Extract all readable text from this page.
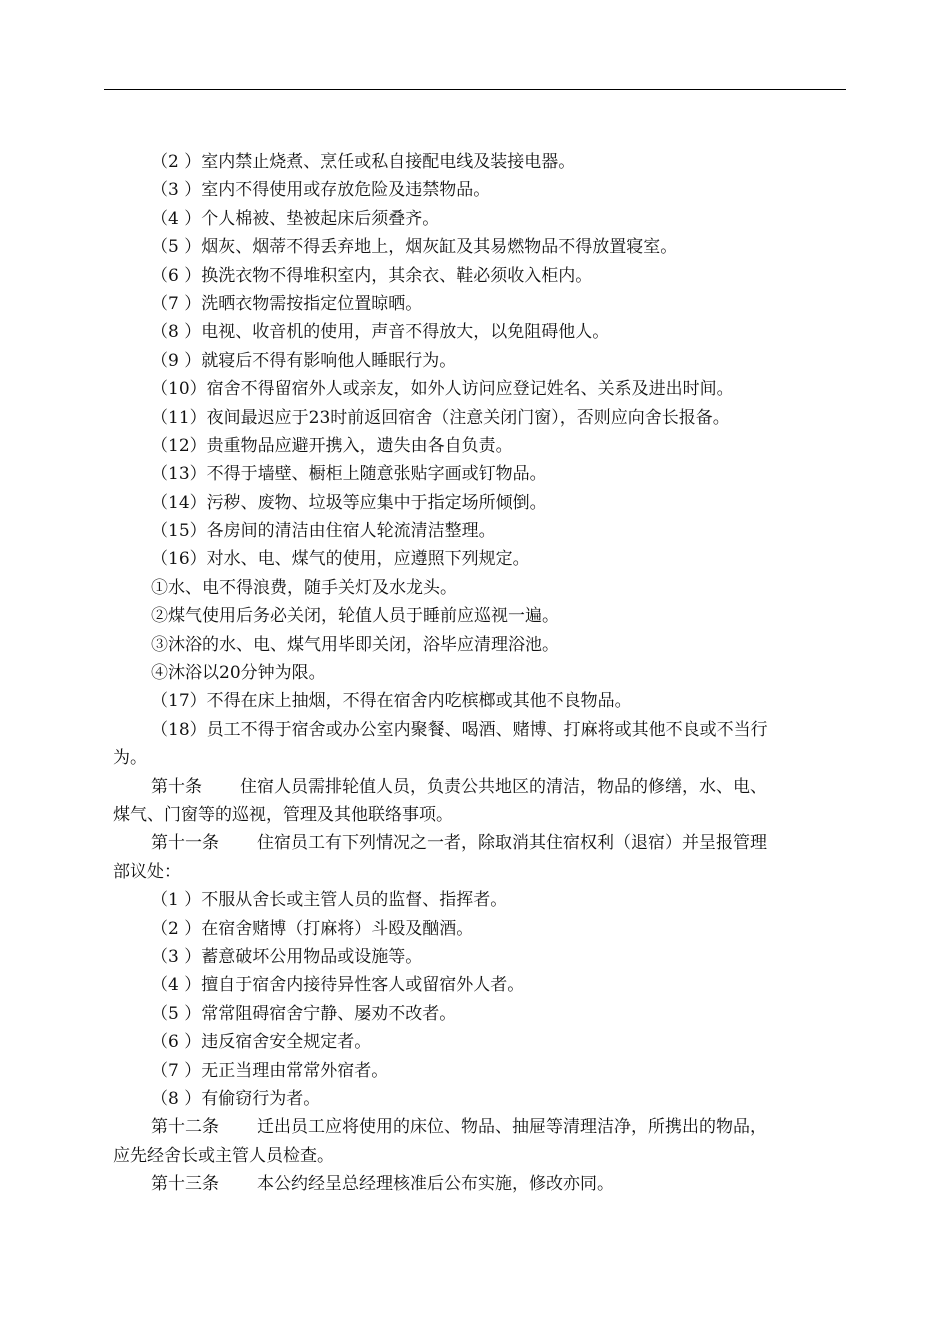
（2 ）室内禁止烧煮、烹任或私自接配电线及装接电器。
（3 ）室内不得使用或存放危险及违禁物品。
（4 ）个人棉被、垫被起床后须叠齐。
（5 ）烟灰、烟蒂不得丢弃地上，烟灰缸及其易燃物品不得放置寝室。
（6 ）换洗衣物不得堆积室内，其余衣、鞋必须收入柜内。
（7 ）洗晒衣物需按指定位置晾晒。
（8 ）电视、收音机的使用，声音不得放大，以免阻碍他人。
（9 ）就寝后不得有影响他人睡眠行为。
（10）宿舍不得留宿外人或亲友，如外人访问应登记姓名、关系及进出时间。
（11）夜间最迟应于23时前返回宿舍（注意关闭门窗），否则应向舍长报备。
（12）贵重物品应避开携入，遗失由各自负责。
（13）不得于墙壁、橱柜上随意张贴字画或钉物品。
（14）污秽、废物、垃圾等应集中于指定场所倾倒。
（15）各房间的清洁由住宿人轮流清洁整理。
（16）对水、电、煤气的使用，应遵照下列规定。
①水、电不得浪费，随手关灯及水龙头。
②煤气使用后务必关闭，轮值人员于睡前应巡视一遍。
③沐浴的水、电、煤气用毕即关闭，浴毕应清理浴池。
④沐浴以20分钟为限。
（17）不得在床上抽烟，不得在宿舍内吃槟榔或其他不良物品。
（18）员工不得于宿舍或办公室内聚餐、喝酒、赌博、打麻将或其他不良或不当行
为。
第十条 住宿人员需排轮值人员，负责公共地区的清洁，物品的修缮，水、电、
煤气、门窗等的巡视，管理及其他联络事项。
第十一条 住宿员工有下列情况之一者，除取消其住宿权利（退宿）并呈报管理
部议处：
（1 ）不服从舍长或主管人员的监督、指挥者。
（2 ）在宿舍赌博（打麻将）斗殴及酗酒。
（3 ）蓄意破坏公用物品或设施等。
（4 ）擅自于宿舍内接待异性客人或留宿外人者。
（5 ）常常阻碍宿舍宁静、屡劝不改者。
（6 ）违反宿舍安全规定者。
（7 ）无正当理由常常外宿者。
（8 ）有偷窃行为者。
第十二条 迁出员工应将使用的床位、物品、抽屉等清理洁净，所携出的物品，
应先经舍长或主管人员检查。
第十三条 本公约经呈总经理核准后公布实施，修改亦同。
